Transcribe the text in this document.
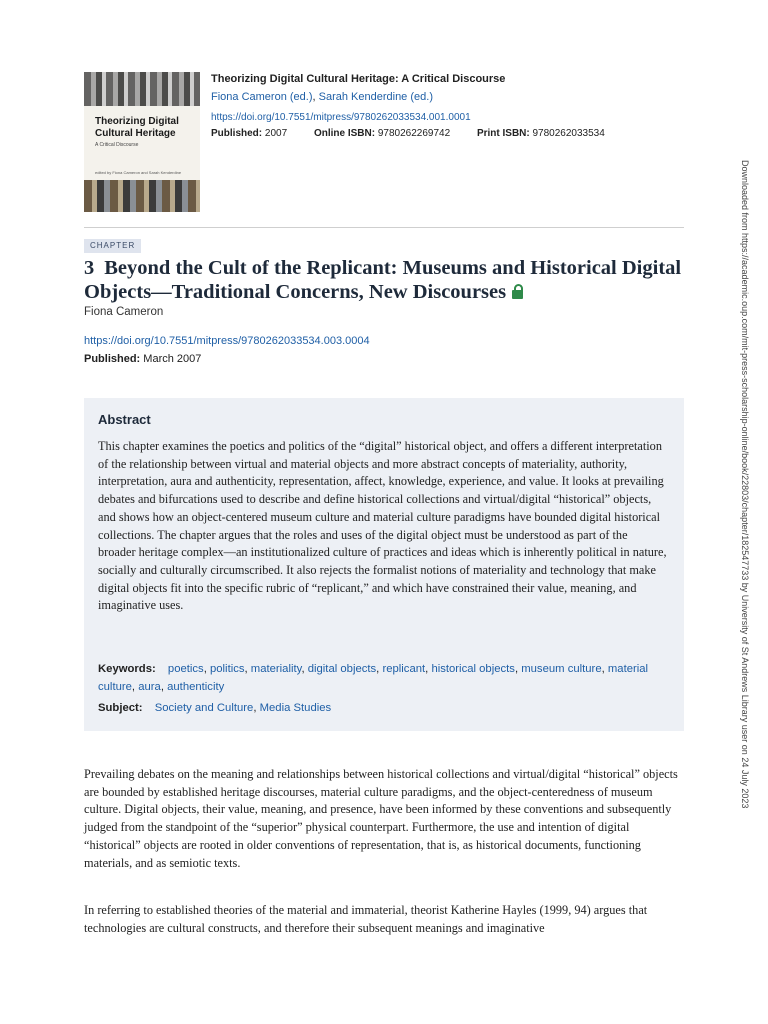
Theorizing Digital Cultural Heritage
A Critical Discourse
edited by Fiona Cameron and Sarah Kenderdine
Theorizing Digital Cultural Heritage: A Critical Discourse
Fiona Cameron (ed.), Sarah Kenderdine (ed.)
https://doi.org/10.7551/mitpress/9780262033534.001.0001
Published: 2007	Online ISBN: 9780262269742	Print ISBN: 9780262033534
CHAPTER
3 Beyond the Cult of the Replicant: Museums and Historical Digital Objects—Traditional Concerns, New Discourses
Fiona Cameron
https://doi.org/10.7551/mitpress/9780262033534.003.0004
Published: March 2007
Abstract
This chapter examines the poetics and politics of the “digital” historical object, and offers a different interpretation of the relationship between virtual and material objects and more abstract concepts of materiality, authority, interpretation, aura and authenticity, representation, affect, knowledge, experience, and value. It looks at prevailing debates and bifurcations used to describe and define historical collections and virtual/digital “historical” objects, and shows how an object-centered museum culture and material culture paradigms have bounded digital historical collections. The chapter argues that the roles and uses of the digital object must be understood as part of the broader heritage complex—an institutionalized culture of practices and ideas which is inherently political in nature, socially and culturally circumscribed. It also rejects the formalist notions of materiality and technology that make digital objects fit into the specific rubric of “replicant,” and which have constrained their value, meaning, and imaginative uses.
Keywords: poetics, politics, materiality, digital objects, replicant, historical objects, museum culture, material culture, aura, authenticity
Subject: Society and Culture, Media Studies
Prevailing debates on the meaning and relationships between historical collections and virtual/digital “historical” objects are bounded by established heritage discourses, material culture paradigms, and the object-centeredness of museum culture. Digital objects, their value, meaning, and presence, have been informed by these conventions and subsequently judged from the standpoint of the “superior” physical counterpart. Furthermore, the use and intention of digital “historical” objects are rooted in older conventions of representation, that is, as historical documents, functioning materials, and as semiotic texts.
In referring to established theories of the material and immaterial, theorist Katherine Hayles (1999, 94) argues that technologies are cultural constructs, and therefore their subsequent meanings and imaginative
Downloaded from https://academic.oup.com/mit-press-scholarship-online/book/22803/chapter/182547733 by University of St Andrews Library user on 24 July 2023
